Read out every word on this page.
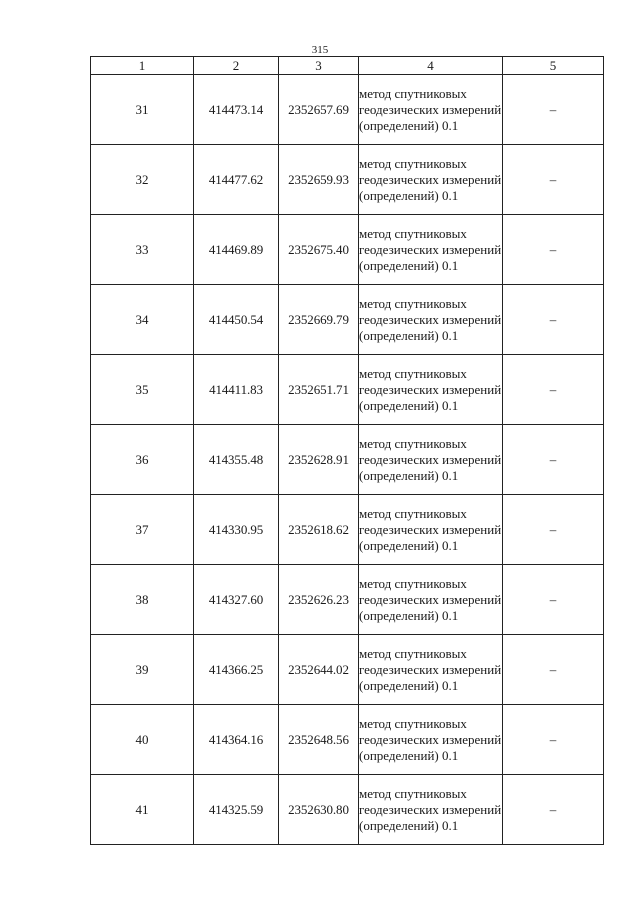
315
1	2	3	4	5
31	414473.14	2352657.69	метод спутниковых геодезических измерений (определений) 0.1	–
32	414477.62	2352659.93	метод спутниковых геодезических измерений (определений) 0.1	–
33	414469.89	2352675.40	метод спутниковых геодезических измерений (определений) 0.1	–
34	414450.54	2352669.79	метод спутниковых геодезических измерений (определений) 0.1	–
35	414411.83	2352651.71	метод спутниковых геодезических измерений (определений) 0.1	–
36	414355.48	2352628.91	метод спутниковых геодезических измерений (определений) 0.1	–
37	414330.95	2352618.62	метод спутниковых геодезических измерений (определений) 0.1	–
38	414327.60	2352626.23	метод спутниковых геодезических измерений (определений) 0.1	–
39	414366.25	2352644.02	метод спутниковых геодезических измерений (определений) 0.1	–
40	414364.16	2352648.56	метод спутниковых геодезических измерений (определений) 0.1	–
41	414325.59	2352630.80	метод спутниковых геодезических измерений (определений) 0.1	–
